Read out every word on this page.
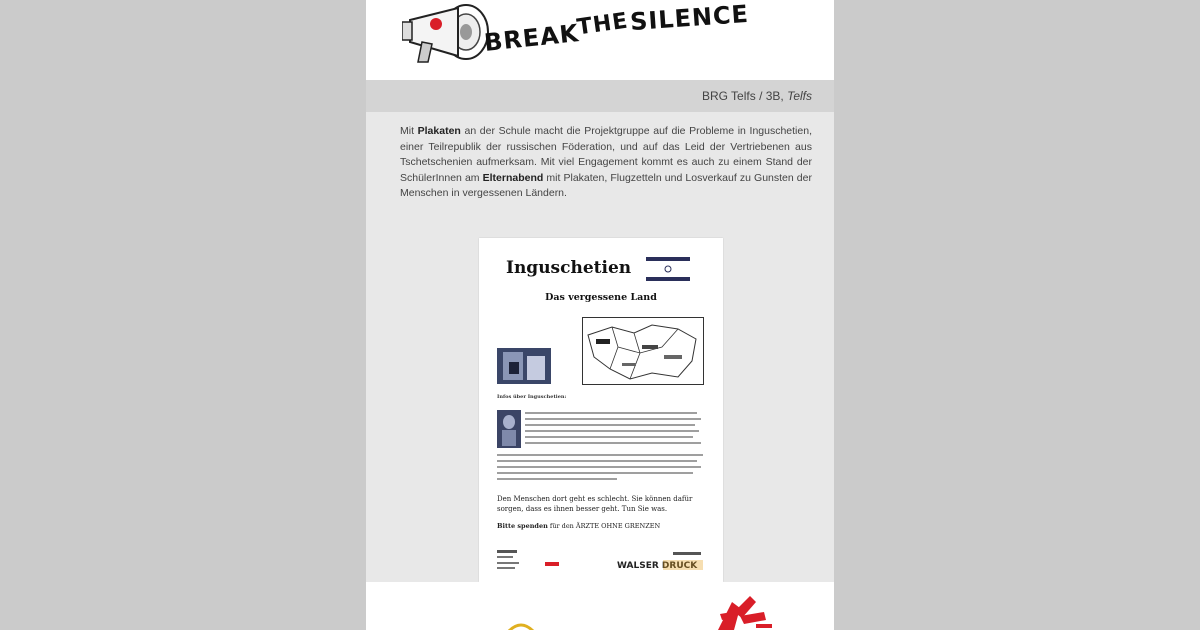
BREAK
THE SILENCE
BRG Telfs / 3B, Telfs
Mit Plakaten an der Schule macht die Projektgruppe auf die Probleme in Inguschetien, einer Teilrepublik der russischen Föderation, und auf das Leid der Vertriebenen aus Tschetschenien aufmerksam. Mit viel Engagement kommt es auch zu einem Stand der SchülerInnen am Elternabend mit Plakaten, Flugzetteln und Losverkauf zu Gunsten der Menschen in vergessenen Ländern.
Inguschetien
Das vergessene Land
Infos über Inguschetien:
Den Menschen dort geht es schlecht. Sie können dafür sorgen, dass es ihnen besser geht. Tun Sie was.
Bitte spenden für den ÄRZTE OHNE GRENZEN
WALSER DRUCK
